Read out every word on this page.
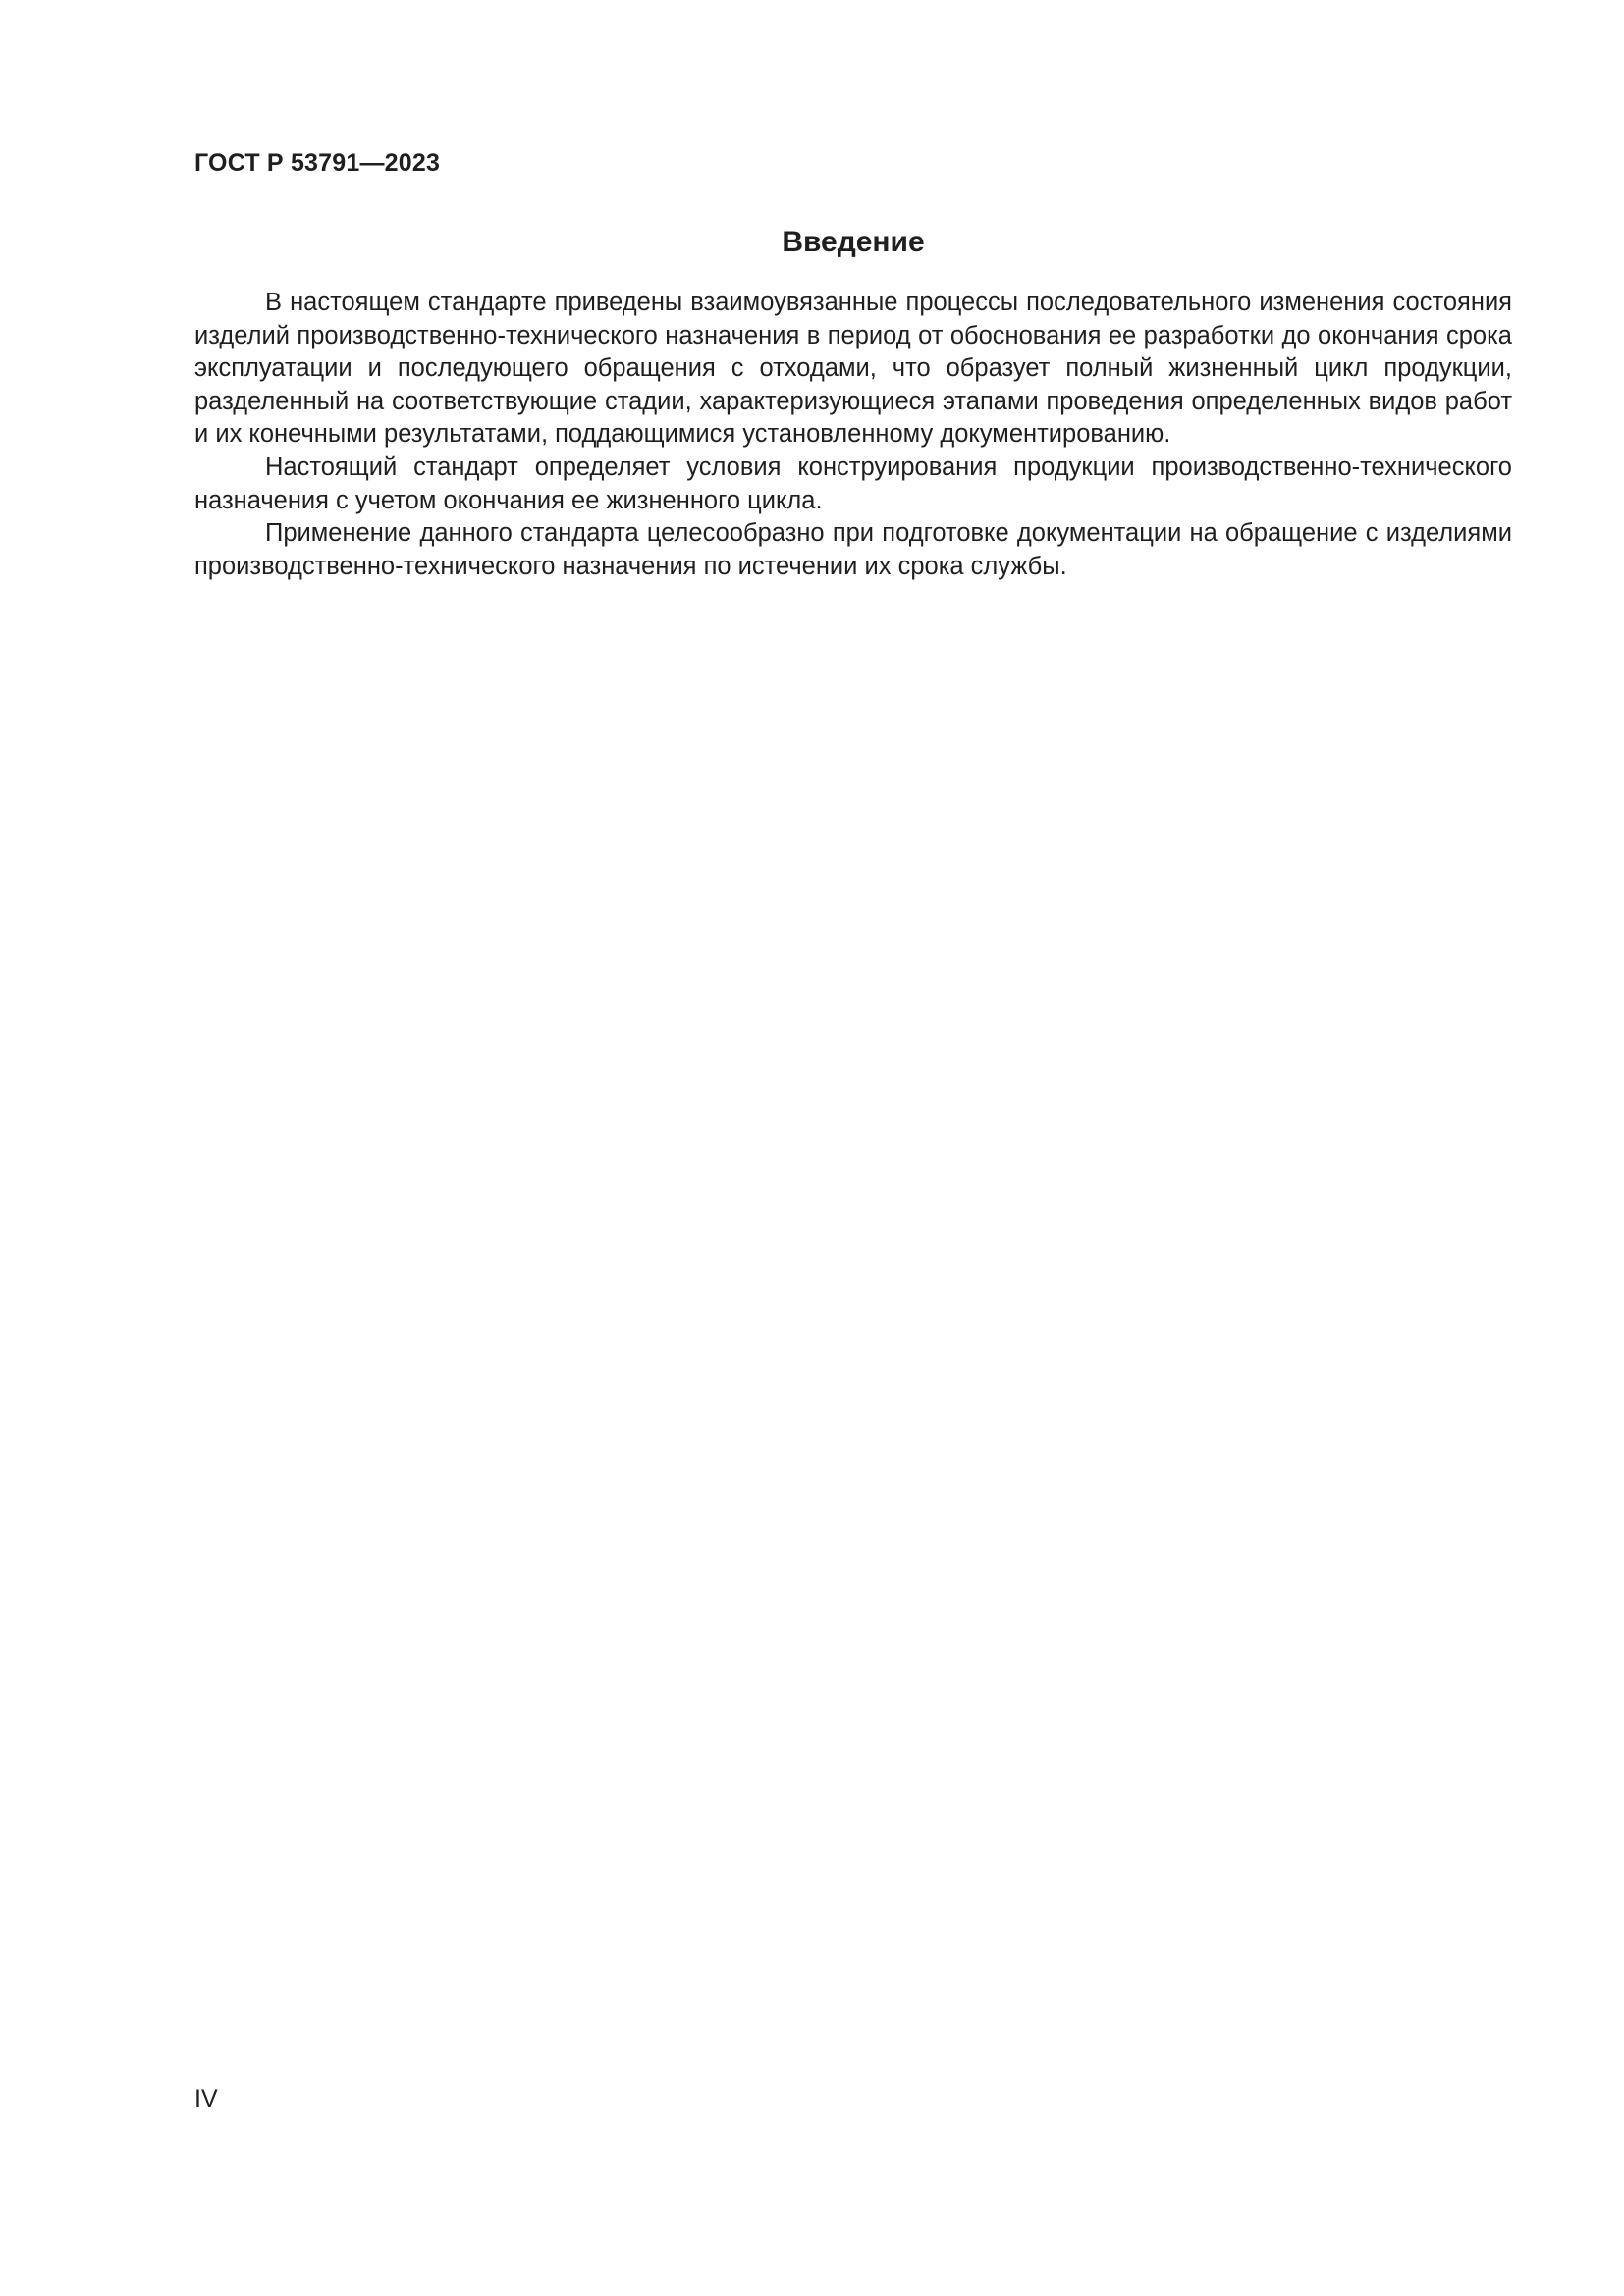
ГОСТ Р 53791—2023
Введение

В настоящем стандарте приведены взаимоувязанные процессы последовательного изменения состояния изделий производственно-технического назначения в период от обоснования ее разработки до окончания срока эксплуатации и последующего обращения с отходами, что образует полный жизненный цикл продукции, разделенный на соответствующие стадии, характеризующиеся этапами проведения определенных видов работ и их конечными результатами, поддающимися установленному документированию.

Настоящий стандарт определяет условия конструирования продукции производственно-технического назначения с учетом окончания ее жизненного цикла.

Применение данного стандарта целесообразно при подготовке документации на обращение с изделиями производственно-технического назначения по истечении их срока службы.

IV
